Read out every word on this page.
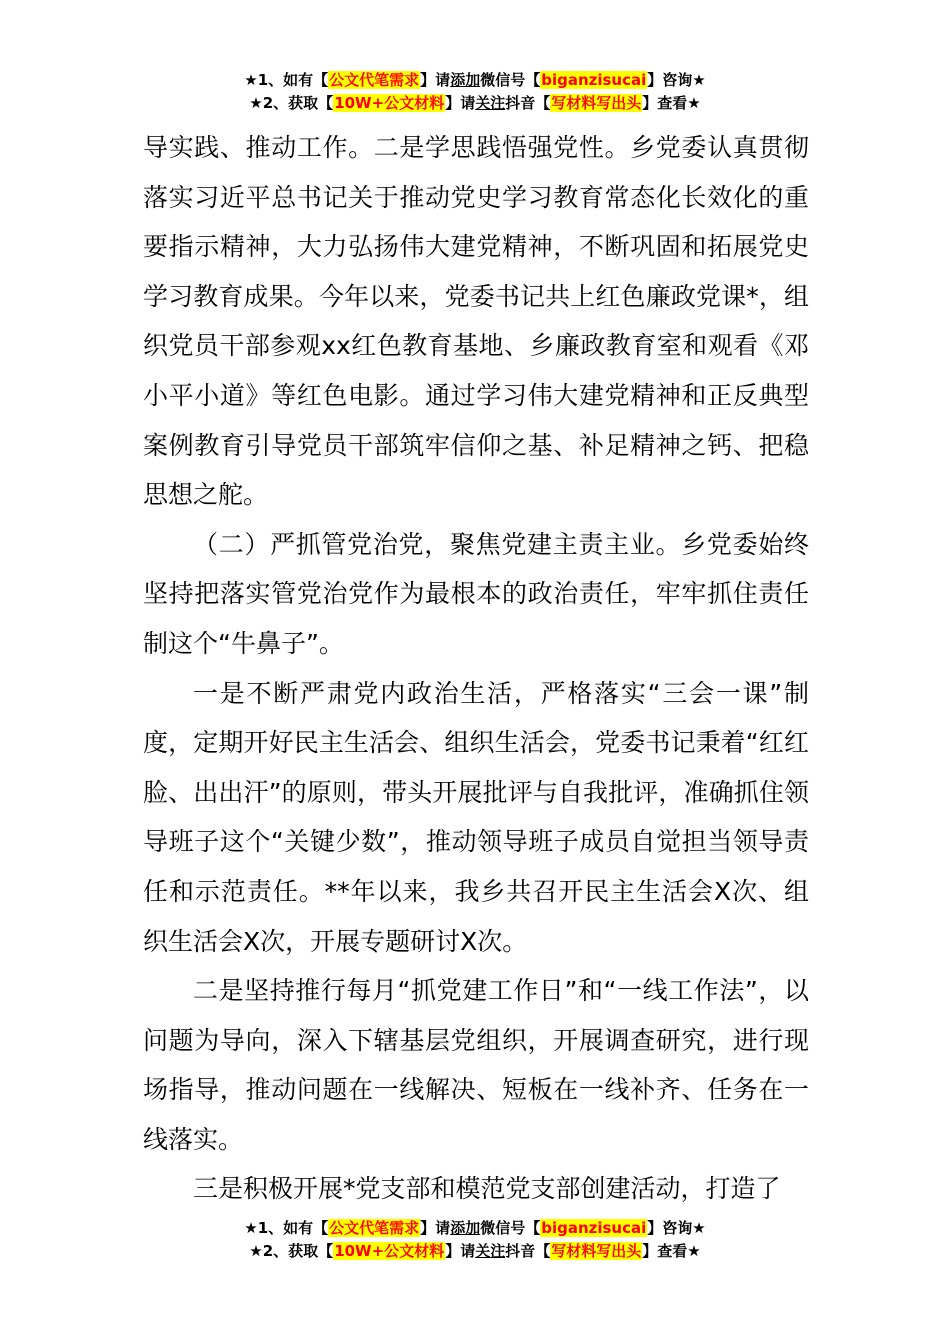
★1、如有【公文代笔需求】请添加微信号【biganzisucai】咨询★
★2、获取【10W+公文材料】请关注抖音【写材料写出头】查看★

导实践、推动工作。二是学思践悟强党性。乡党委认真贯彻落实习近平总书记关于推动党史学习教育常态化长效化的重要指示精神，大力弘扬伟大建党精神，不断巩固和拓展党史学习教育成果。今年以来，党委书记共上红色廉政党课*，组织党员干部参观xx红色教育基地、乡廉政教育室和观看《邓小平小道》等红色电影。通过学习伟大建党精神和正反典型案例教育引导党员干部筑牢信仰之基、补足精神之钙、把稳思想之舵。

（二）严抓管党治党，聚焦党建主责主业。乡党委始终坚持把落实管党治党作为最根本的政治责任，牢牢抓住责任制这个“牛鼻子”。

一是不断严肃党内政治生活，严格落实“三会一课”制度，定期开好民主生活会、组织生活会，党委书记秉着“红红脸、出出汗”的原则，带头开展批评与自我批评，准确抓住领导班子这个“关键少数”，推动领导班子成员自觉担当领导责任和示范责任。**年以来，我乡共召开民主生活会X次、组织生活会X次，开展专题研讨X次。

二是坚持推行每月“抓党建工作日”和“一线工作法”，以问题为导向，深入下辖基层党组织，开展调查研究，进行现场指导，推动问题在一线解决、短板在一线补齐、任务在一线落实。

三是积极开展*党支部和模范党支部创建活动，打造了

★1、如有【公文代笔需求】请添加微信号【biganzisucai】咨询★
★2、获取【10W+公文材料】请关注抖音【写材料写出头】查看★
